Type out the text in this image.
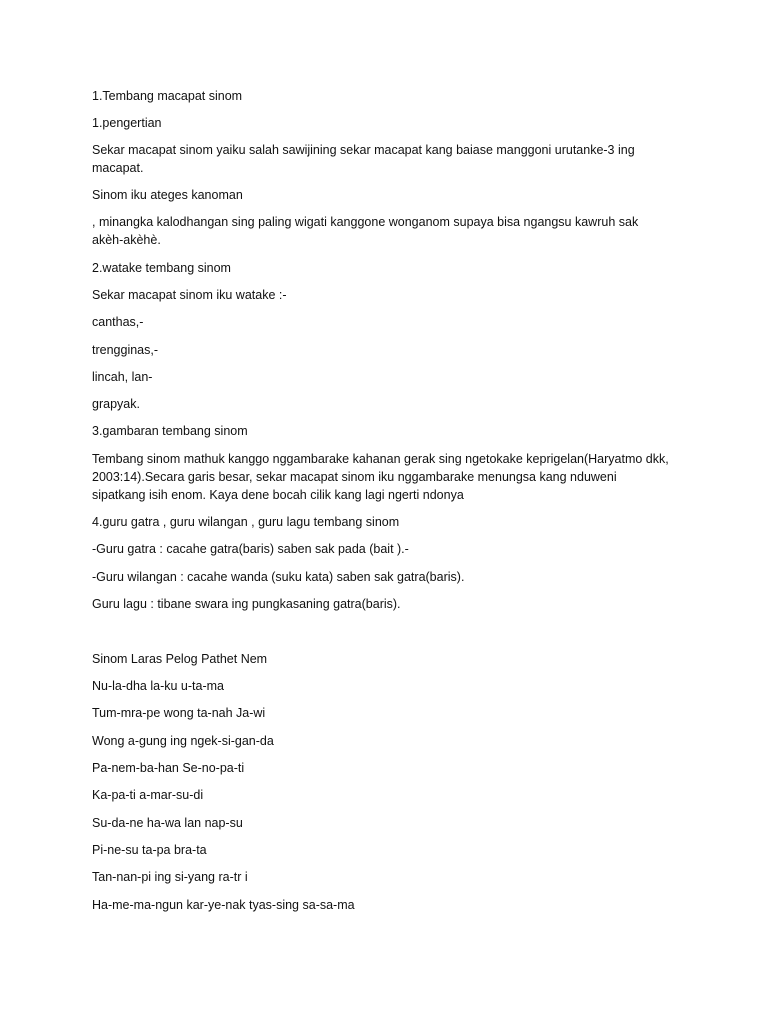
1.Tembang macapat sinom

1.pengertian

Sekar macapat sinom yaiku salah sawijining sekar macapat kang baiase manggoni urutanke-3 ing macapat.

Sinom iku ateges kanoman

, minangka kalodhangan sing paling wigati kanggone wonganom supaya bisa ngangsu kawruh sak akèh-akèhè.

2.watake tembang sinom

Sekar macapat sinom iku watake :-

canthas,-

trengginas,-

lincah, lan-

grapyak.

3.gambaran tembang sinom

Tembang sinom mathuk kanggo nggambarake kahanan gerak sing ngetokake keprigelan(Haryatmo dkk, 2003:14).Secara garis besar, sekar macapat sinom iku nggambarake menungsa kang nduweni sipatkang isih enom. Kaya dene bocah cilik kang lagi ngerti ndonya

4.guru gatra , guru wilangan , guru lagu tembang sinom

-Guru gatra : cacahe gatra(baris) saben sak pada (bait ).-

-Guru wilangan : cacahe wanda (suku kata) saben sak gatra(baris).

Guru lagu : tibane swara ing pungkasaning gatra(baris).

Sinom Laras Pelog Pathet Nem

Nu-la-dha la-ku u-ta-ma

Tum-mra-pe wong ta-nah Ja-wi

Wong a-gung ing ngek-si-gan-da

Pa-nem-ba-han Se-no-pa-ti

Ka-pa-ti a-mar-su-di

Su-da-ne ha-wa lan nap-su

Pi-ne-su ta-pa bra-ta

Tan-nan-pi ing si-yang ra-tr i

Ha-me-ma-ngun kar-ye-nak tyas-sing sa-sa-ma
